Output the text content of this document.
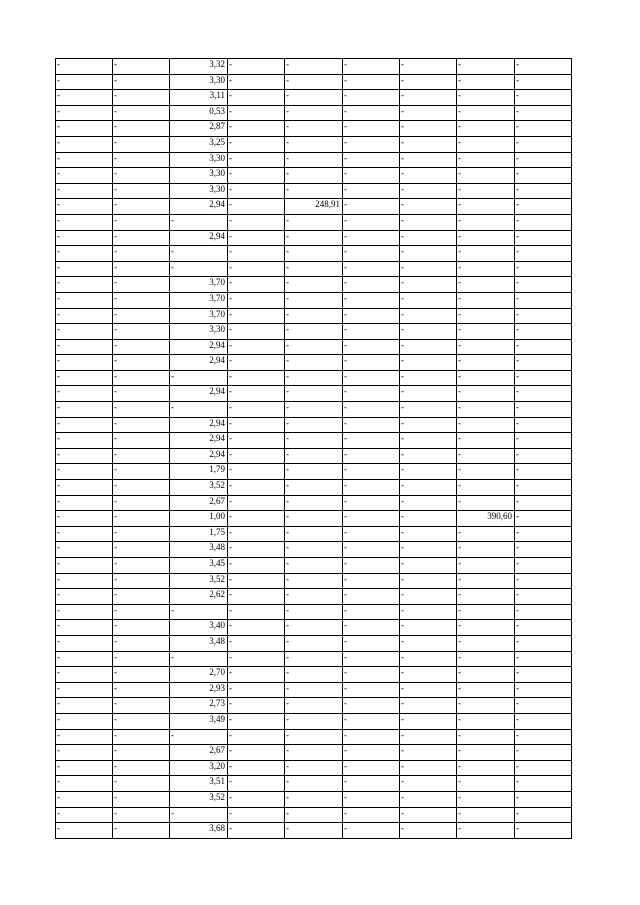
-	-	3,32	-	-	-	-	-	-
-	-	3,30	-	-	-	-	-	-
-	-	3,11	-	-	-	-	-	-
-	-	0,53	-	-	-	-	-	-
-	-	2,87	-	-	-	-	-	-
-	-	3,25	-	-	-	-	-	-
-	-	3,30	-	-	-	-	-	-
-	-	3,30	-	-	-	-	-	-
-	-	3,30	-	-	-	-	-	-
-	-	2,94	-	248,91	-	-	-	-
-	-	-	-	-	-	-	-	-
-	-	2,94	-	-	-	-	-	-
-	-	-	-	-	-	-	-	-
-	-	-	-	-	-	-	-	-
-	-	3,70	-	-	-	-	-	-
-	-	3,70	-	-	-	-	-	-
-	-	3,70	-	-	-	-	-	-
-	-	3,30	-	-	-	-	-	-
-	-	2,94	-	-	-	-	-	-
-	-	2,94	-	-	-	-	-	-
-	-	-	-	-	-	-	-	-
-	-	2,94	-	-	-	-	-	-
-	-	-	-	-	-	-	-	-
-	-	2,94	-	-	-	-	-	-
-	-	2,94	-	-	-	-	-	-
-	-	2,94	-	-	-	-	-	-
-	-	1,79	-	-	-	-	-	-
-	-	3,52	-	-	-	-	-	-
-	-	2,67	-	-	-	-	-	-
-	-	1,00	-	-	-	-	390,60	-
-	-	1,75	-	-	-	-	-	-
-	-	3,48	-	-	-	-	-	-
-	-	3,45	-	-	-	-	-	-
-	-	3,52	-	-	-	-	-	-
-	-	2,62	-	-	-	-	-	-
-	-	-	-	-	-	-	-	-
-	-	3,40	-	-	-	-	-	-
-	-	3,48	-	-	-	-	-	-
-	-	-	-	-	-	-	-	-
-	-	2,70	-	-	-	-	-	-
-	-	2,93	-	-	-	-	-	-
-	-	2,73	-	-	-	-	-	-
-	-	3,49	-	-	-	-	-	-
-	-	-	-	-	-	-	-	-
-	-	2,67	-	-	-	-	-	-
-	-	3,20	-	-	-	-	-	-
-	-	3,51	-	-	-	-	-	-
-	-	3,52	-	-	-	-	-	-
-	-	-	-	-	-	-	-	-
-	-	3,68	-	-	-	-	-	-
